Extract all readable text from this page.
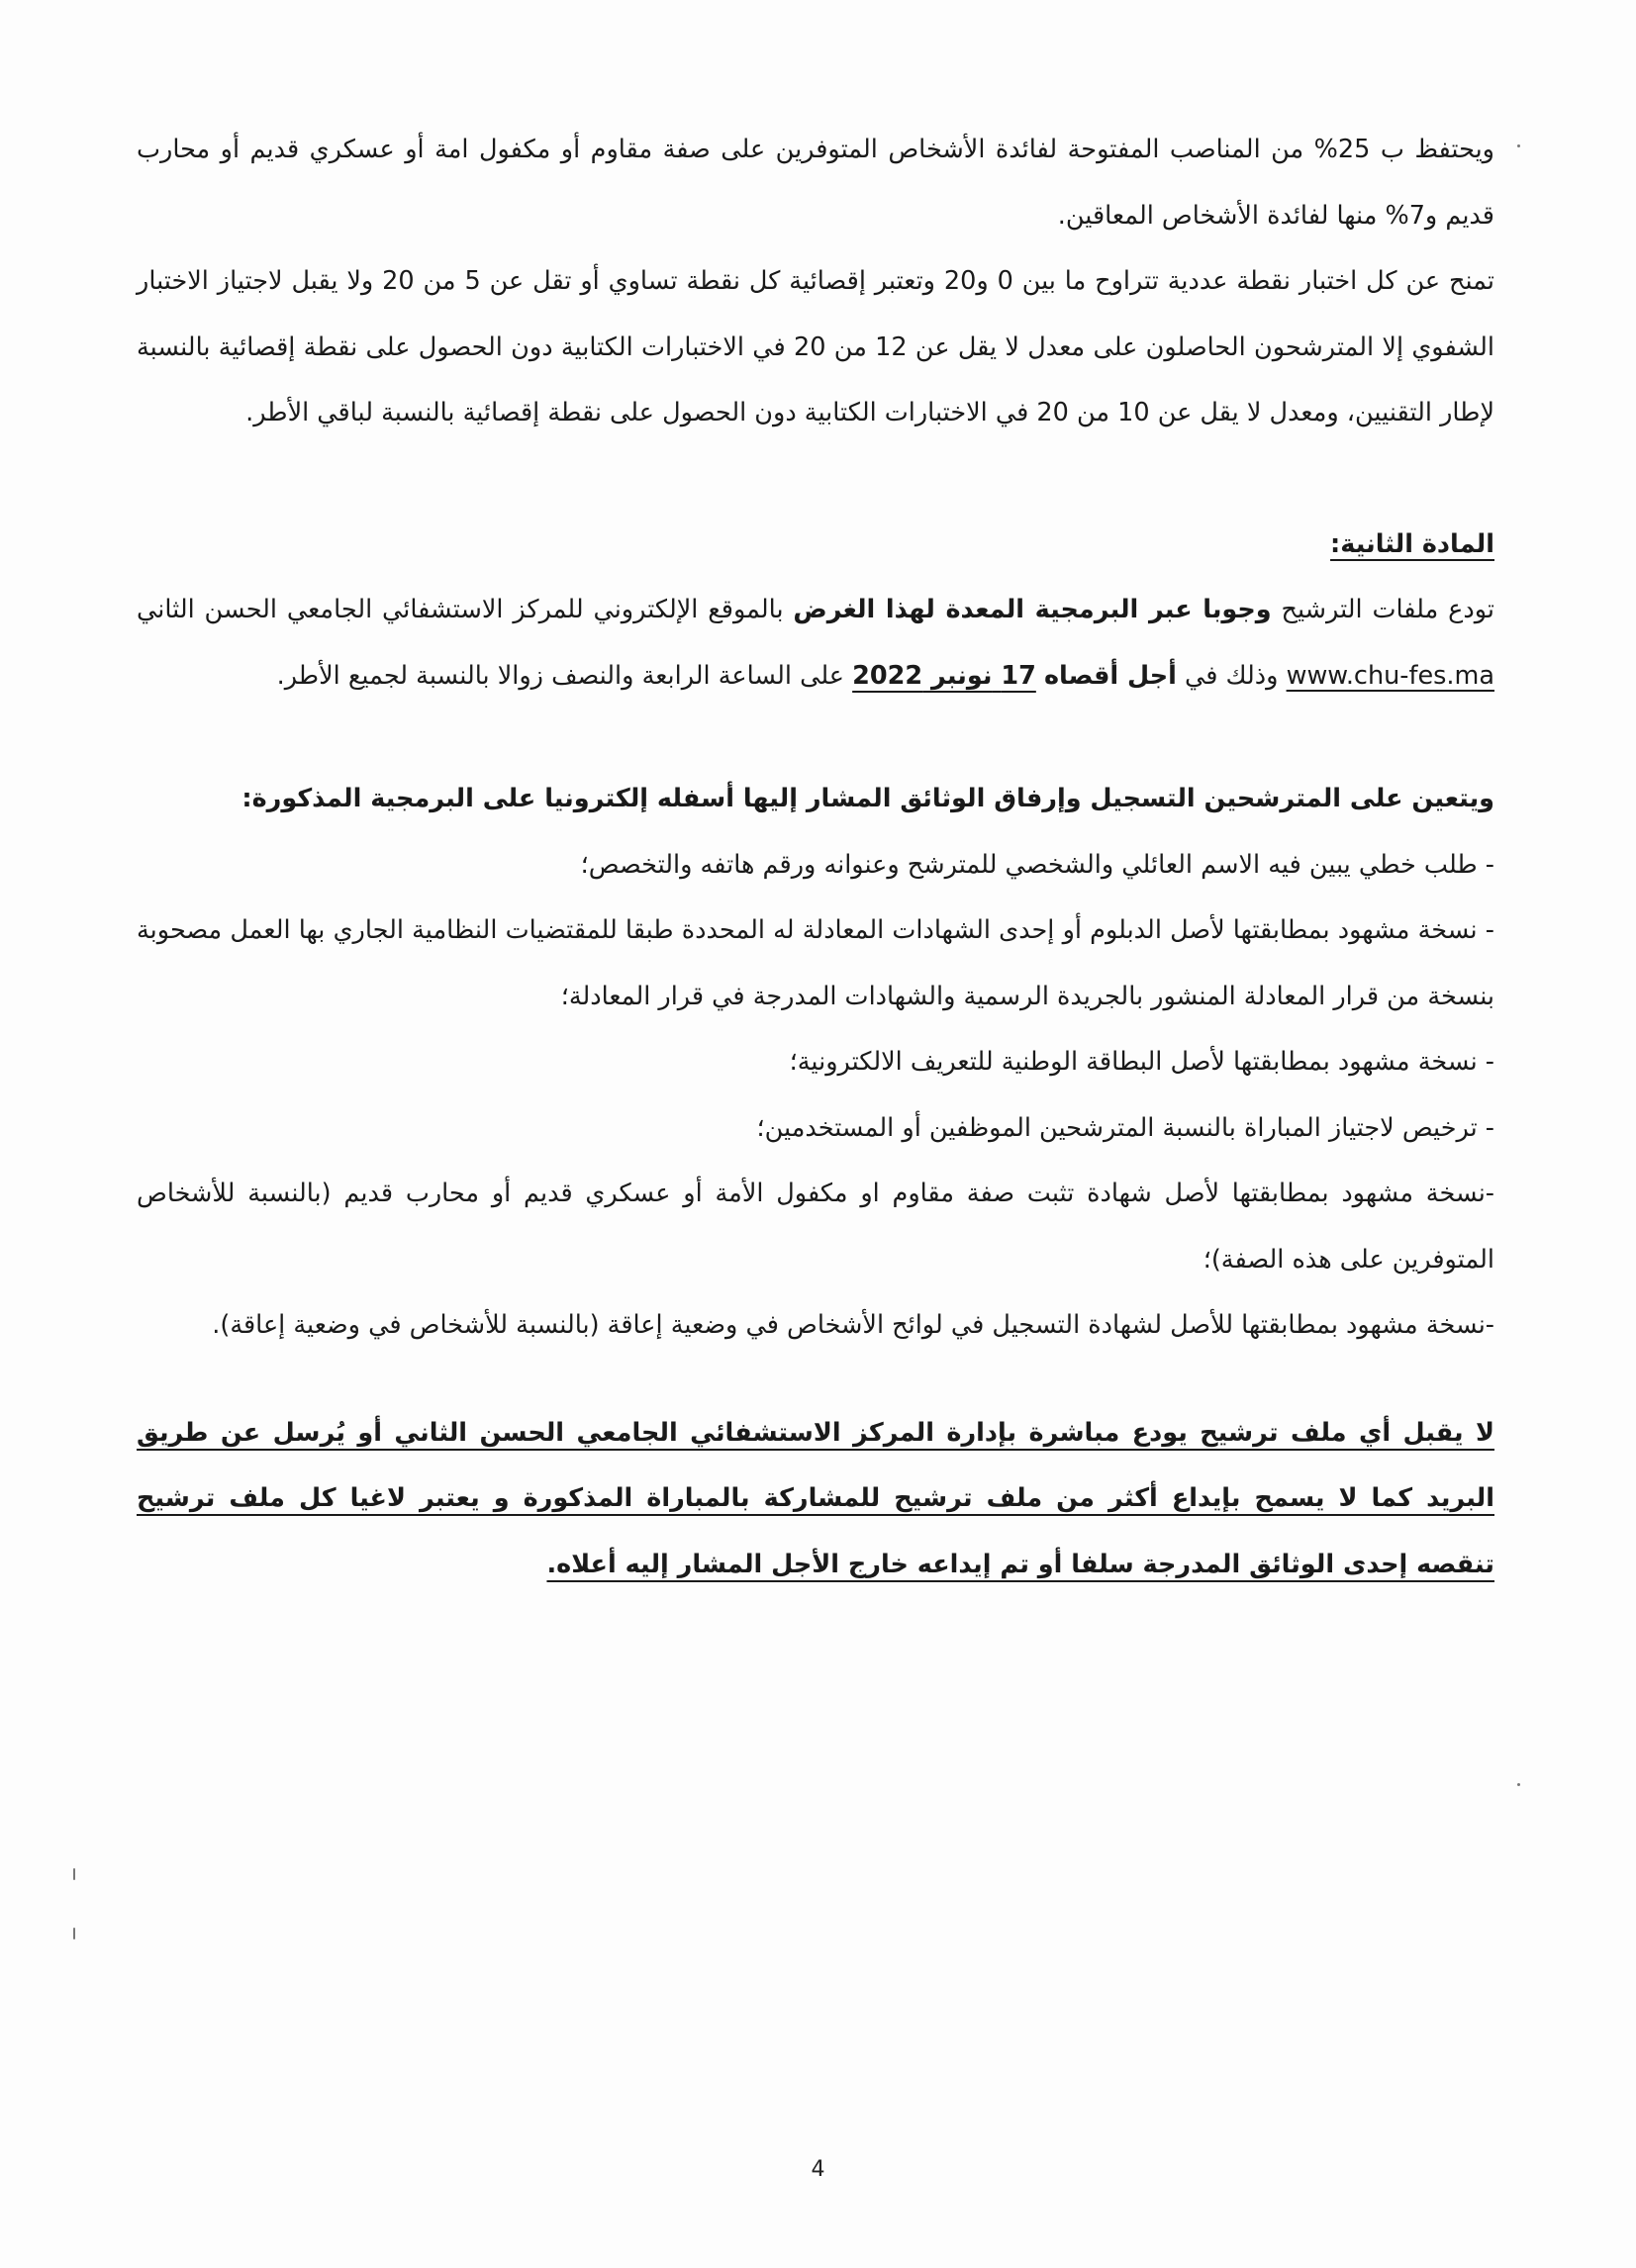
ويحتفظ ب 25% من المناصب المفتوحة لفائدة الأشخاص المتوفرين على صفة مقاوم أو مكفول امة أو عسكري قديم أو محارب قديم و7% منها لفائدة الأشخاص المعاقين.

تمنح عن كل اختبار نقطة عددية تتراوح ما بين 0 و20 وتعتبر إقصائية كل نقطة تساوي أو تقل عن 5 من 20 ولا يقبل لاجتياز الاختبار الشفوي إلا المترشحون الحاصلون على معدل لا يقل عن 12 من 20 في الاختبارات الكتابية دون الحصول على نقطة إقصائية بالنسبة لإطار التقنيين، ومعدل لا يقل عن 10 من 20 في الاختبارات الكتابية دون الحصول على نقطة إقصائية بالنسبة لباقي الأطر.

المادة الثانية:

تودع ملفات الترشيح وجوبا عبر البرمجية المعدة لهذا الغرض بالموقع الإلكتروني للمركز الاستشفائي الجامعي الحسن الثاني www.chu-fes.ma وذلك في أجل أقصاه 17 نونبر 2022 على الساعة الرابعة والنصف زوالا بالنسبة لجميع الأطر.

ويتعين على المترشحين التسجيل وإرفاق الوثائق المشار إليها أسفله إلكترونيا على البرمجية المذكورة:

- طلب خطي يبين فيه الاسم العائلي والشخصي للمترشح وعنوانه ورقم هاتفه والتخصص؛

- نسخة مشهود بمطابقتها لأصل الدبلوم أو إحدى الشهادات المعادلة له المحددة طبقا للمقتضيات النظامية الجاري بها العمل مصحوبة بنسخة من قرار المعادلة المنشور بالجريدة الرسمية والشهادات المدرجة في قرار المعادلة؛

- نسخة مشهود بمطابقتها لأصل البطاقة الوطنية للتعريف الالكترونية؛

- ترخيص لاجتياز المباراة بالنسبة المترشحين الموظفين أو المستخدمين؛

-نسخة مشهود بمطابقتها لأصل شهادة تثبت صفة مقاوم او مكفول الأمة أو عسكري قديم أو محارب قديم (بالنسبة للأشخاص المتوفرين على هذه الصفة)؛

-نسخة مشهود بمطابقتها للأصل لشهادة التسجيل في لوائح الأشخاص في وضعية إعاقة (بالنسبة للأشخاص في وضعية إعاقة).

لا يقبل أي ملف ترشيح يودع مباشرة بإدارة المركز الاستشفائي الجامعي الحسن الثاني أو يُرسل عن طريق البريد كما لا يسمح بإيداع أكثر من ملف ترشيح للمشاركة بالمباراة المذكورة و يعتبر لاغيا كل ملف ترشيح تنقصه إحدى الوثائق المدرجة سلفا أو تم إيداعه خارج الأجل المشار إليه أعلاه.

4
